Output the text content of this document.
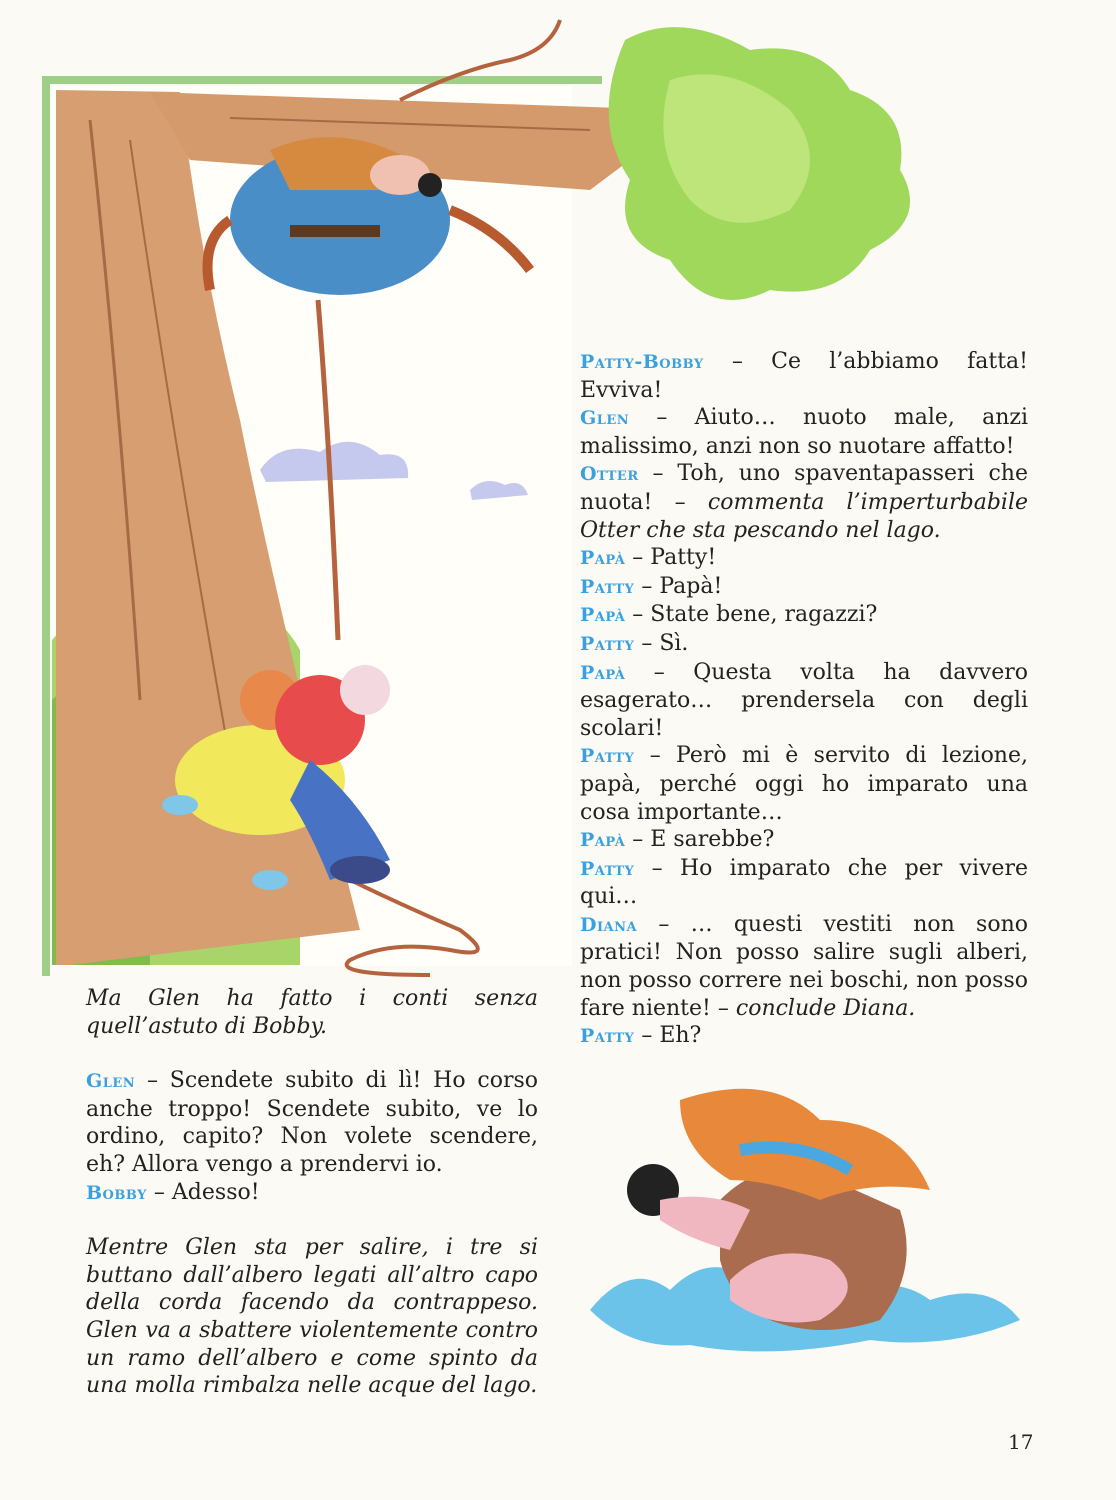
Patty-Bobby – Ce l’abbiamo fatta! Evviva!

Glen – Aiuto… nuoto male, anzi malissimo, anzi non so nuotare affatto!

Otter – Toh, uno spaventapasseri che nuota! – commenta l’imperturbabile Otter che sta pescando nel lago.

Papà – Patty!

Patty – Papà!

Papà – State bene, ragazzi?

Patty – Sì.

Papà – Questa volta ha davvero esagerato… prendersela con degli scolari!

Patty – Però mi è servito di lezione, papà, perché oggi ho imparato una cosa importante…

Papà – E sarebbe?

Patty – Ho imparato che per vivere qui…

Diana – … questi vestiti non sono pratici! Non posso salire sugli alberi, non posso correre nei boschi, non posso fare niente! – conclude Diana.

Patty – Eh?

Ma Glen ha fatto i conti senza quell’astuto di Bobby.

Glen – Scendete subito di lì! Ho corso anche troppo! Scendete subito, ve lo ordino, capito? Non volete scendere, eh? Allora vengo a prendervi io.

Bobby – Adesso!

Mentre Glen sta per salire, i tre si buttano dall’albero legati all’altro capo della corda facendo da contrappeso. Glen va a sbattere violentemente contro un ramo dell’albero e come spinto da una molla rimbalza nelle acque del lago.

17
